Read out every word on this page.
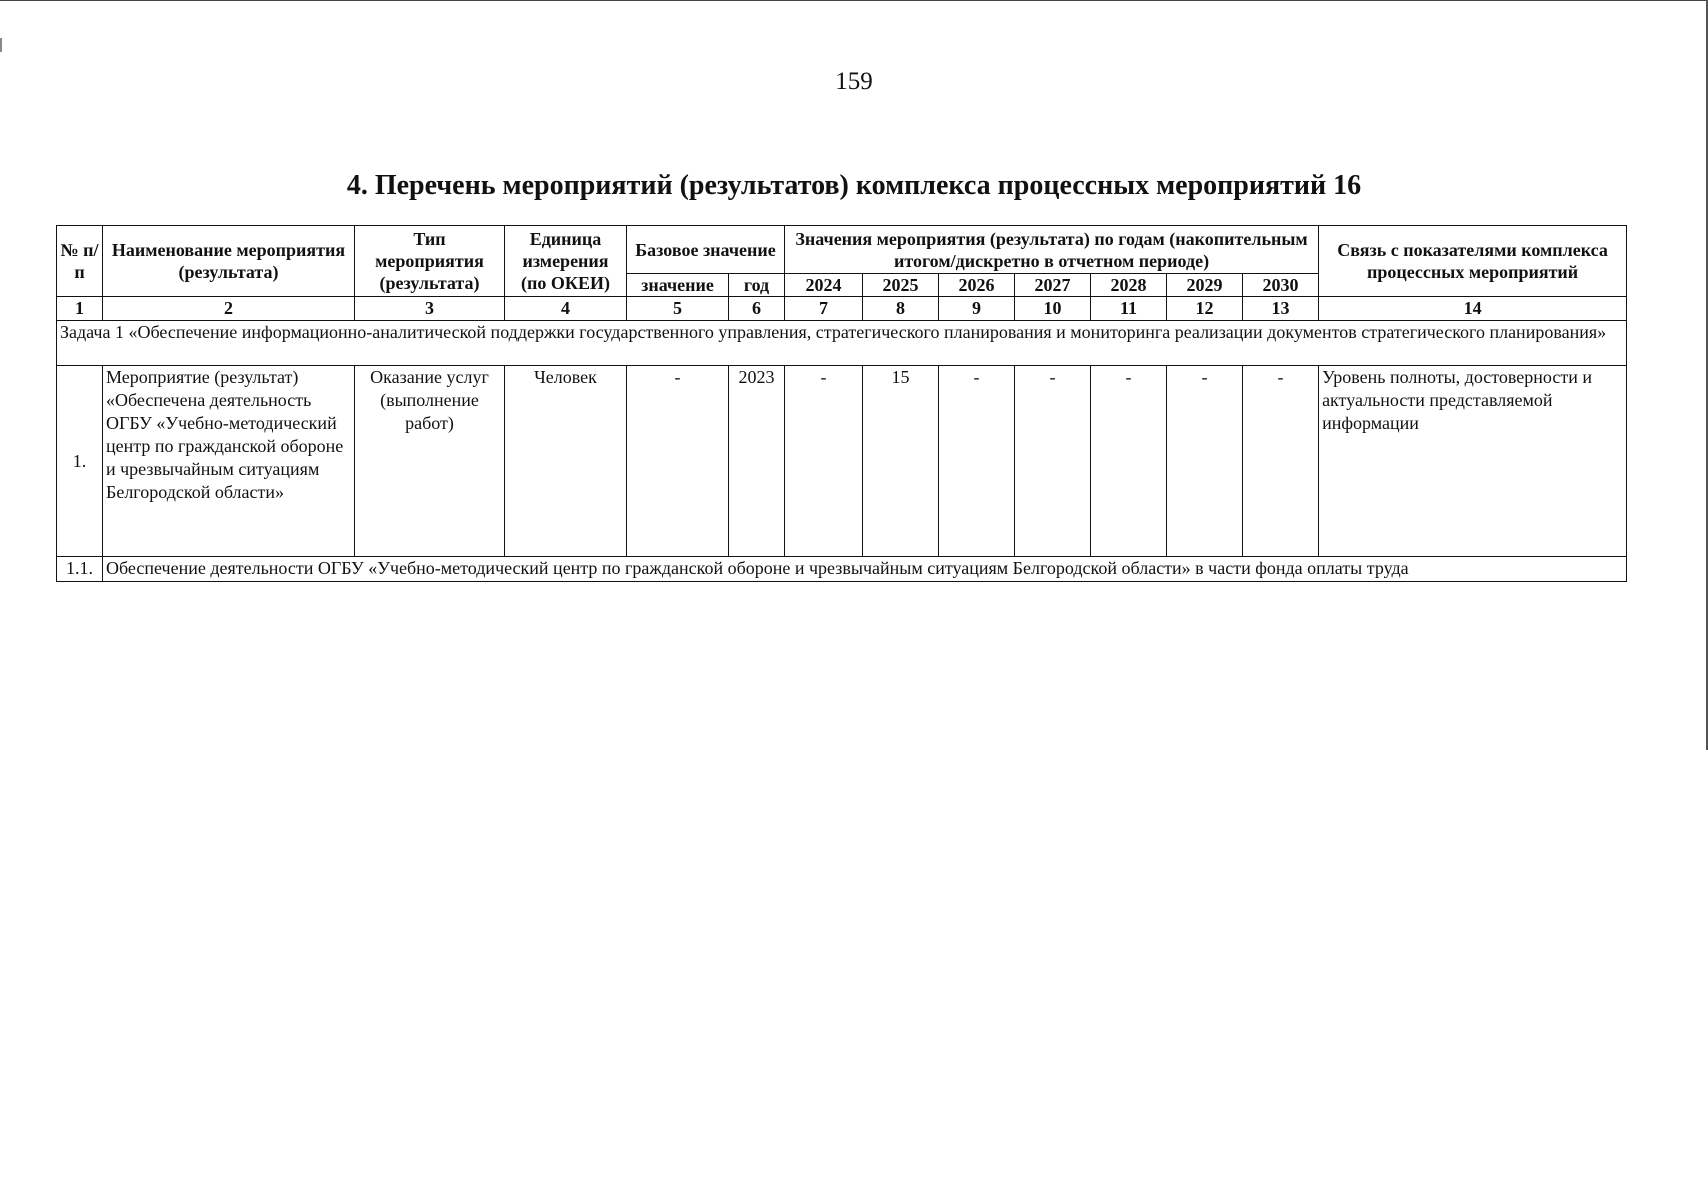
159
4. Перечень мероприятий (результатов) комплекса процессных мероприятий 16
№ п/п	Наименование мероприятия (результата)	Тип мероприятия (результата)	Единица измерения (по ОКЕИ)	Базовое значение		Значения мероприятия (результата) по годам (накопительным итогом/дискретно в отчетном периоде)							Связь с показателями комплекса процессных мероприятий
				значение	год	2024	2025	2026	2027	2028	2029	2030	
1	2	3	4	5	6	7	8	9	10	11	12	13	14
Задача 1 «Обеспечение информационно-аналитической поддержки государственного управления, стратегического планирования и мониторинга реализации документов стратегического планирования»													
1.	Мероприятие (результат) «Обеспечена деятельность ОГБУ «Учебно-методический центр по гражданской обороне и чрезвычайным ситуациям Белгородской области»	Оказание услуг (выполнение работ)	Человек	-	2023	-	15	-	-	-	-	-	Уровень полноты, достоверности и актуальности представляемой информации
1.1.	Обеспечение деятельности ОГБУ «Учебно-методический центр по гражданской обороне и чрезвычайным ситуациям Белгородской области» в части фонда оплаты труда												
